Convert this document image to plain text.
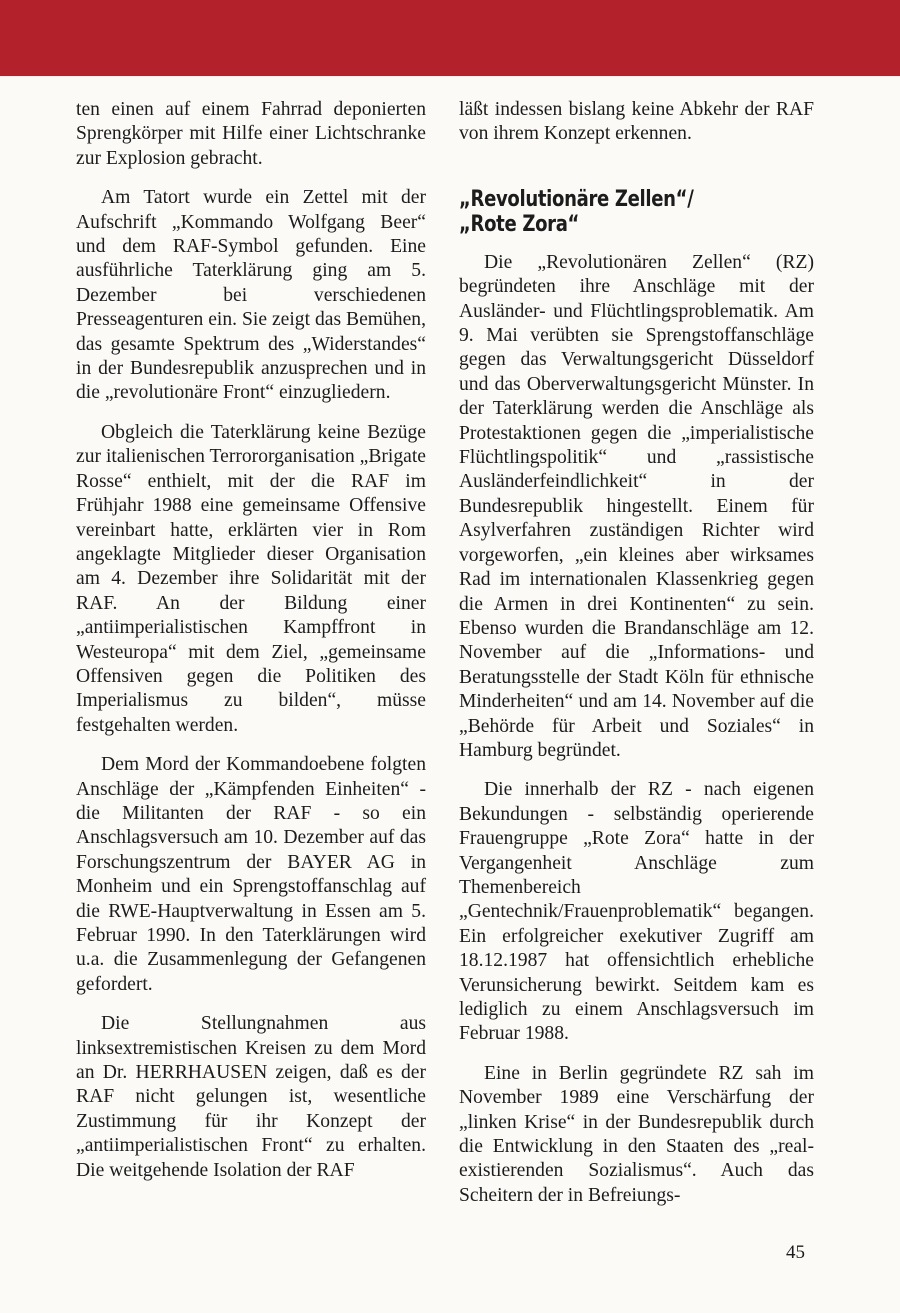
ten einen auf einem Fahrrad deponierten Sprengkörper mit Hilfe einer Lichtschranke zur Explosion gebracht.

Am Tatort wurde ein Zettel mit der Aufschrift „Kommando Wolfgang Beer“ und dem RAF-Symbol gefunden. Eine ausführliche Taterklärung ging am 5. Dezember bei verschiedenen Presseagenturen ein. Sie zeigt das Bemühen, das gesamte Spektrum des „Widerstandes“ in der Bundesrepublik anzusprechen und in die „revolutionäre Front“ einzugliedern.

Obgleich die Taterklärung keine Bezüge zur italienischen Terrororganisation „Brigate Rosse“ enthielt, mit der die RAF im Frühjahr 1988 eine gemeinsame Offensive vereinbart hatte, erklärten vier in Rom angeklagte Mitglieder dieser Organisation am 4. Dezember ihre Solidarität mit der RAF. An der Bildung einer „antiimperialistischen Kampffront in Westeuropa“ mit dem Ziel, „gemeinsame Offensiven gegen die Politiken des Imperialismus zu bilden“, müsse festgehalten werden.

Dem Mord der Kommandoebene folgten Anschläge der „Kämpfenden Einheiten“ - die Militanten der RAF - so ein Anschlagsversuch am 10. Dezember auf das Forschungszentrum der BAYER AG in Monheim und ein Sprengstoffanschlag auf die RWE-Hauptverwaltung in Essen am 5. Februar 1990. In den Taterklärungen wird u.a. die Zusammenlegung der Gefangenen gefordert.

Die Stellungnahmen aus linksextremistischen Kreisen zu dem Mord an Dr. HERRHAUSEN zeigen, daß es der RAF nicht gelungen ist, wesentliche Zustimmung für ihr Konzept der „antiimperialistischen Front“ zu erhalten. Die weitgehende Isolation der RAF

läßt indessen bislang keine Abkehr der RAF von ihrem Konzept erkennen.

„Revolutionäre Zellen“/
„Rote Zora“

Die „Revolutionären Zellen“ (RZ) begründeten ihre Anschläge mit der Ausländer- und Flüchtlingsproblematik. Am 9. Mai verübten sie Sprengstoffanschläge gegen das Verwaltungsgericht Düsseldorf und das Oberverwaltungsgericht Münster. In der Taterklärung werden die Anschläge als Protestaktionen gegen die „imperialistische Flüchtlingspolitik“ und „rassistische Ausländerfeindlichkeit“ in der Bundesrepublik hingestellt. Einem für Asylverfahren zuständigen Richter wird vorgeworfen, „ein kleines aber wirksames Rad im internationalen Klassenkrieg gegen die Armen in drei Kontinenten“ zu sein. Ebenso wurden die Brandanschläge am 12. November auf die „Informations- und Beratungsstelle der Stadt Köln für ethnische Minderheiten“ und am 14. November auf die „Behörde für Arbeit und Soziales“ in Hamburg begründet.

Die innerhalb der RZ - nach eigenen Bekundungen - selbständig operierende Frauengruppe „Rote Zora“ hatte in der Vergangenheit Anschläge zum Themenbereich „Gentechnik/Frauenproblematik“ begangen. Ein erfolgreicher exekutiver Zugriff am 18.12.1987 hat offensichtlich erhebliche Verunsicherung bewirkt. Seitdem kam es lediglich zu einem Anschlagsversuch im Februar 1988.

Eine in Berlin gegründete RZ sah im November 1989 eine Verschärfung der „linken Krise“ in der Bundesrepublik durch die Entwicklung in den Staaten des „real-existierenden Sozialismus“. Auch das Scheitern der in Befreiungs-

45
